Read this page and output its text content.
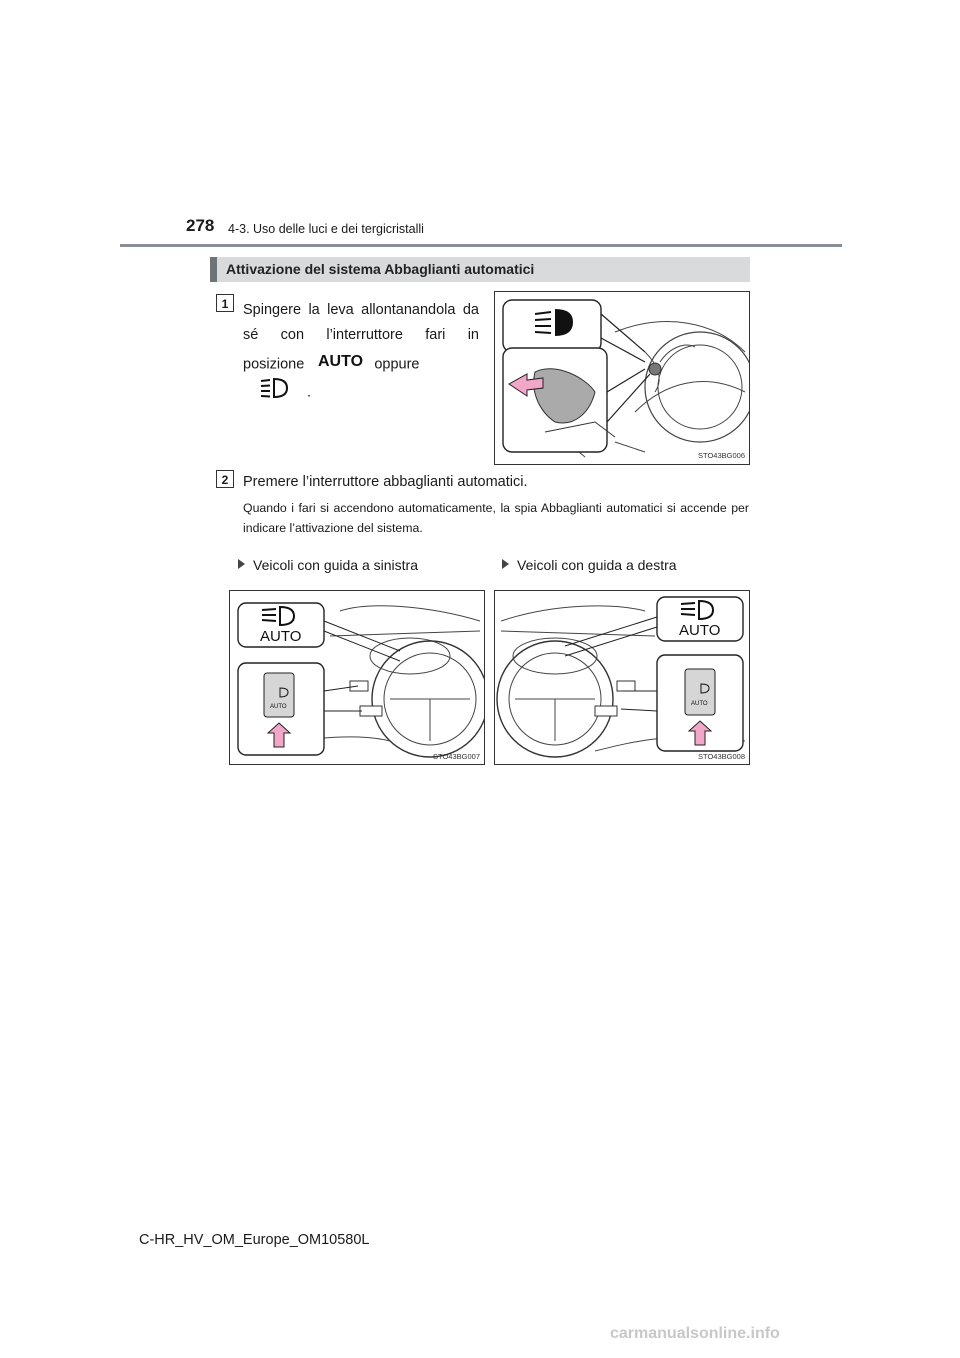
278 4-3. Uso delle luci e dei tergicristalli
Attivazione del sistema Abbaglianti automatici
1	Spingere la leva allontanandola da
sé con l’interruttore fari in
posizione AUTO oppure  .
STO43BG006
2	Premere l’interruttore abbaglianti automatici.
Quando i fari si accendono automaticamente, la spia Abbaglianti automatici si accende per indicare l’attivazione del sistema.
Veicoli con guida a sinistra	Veicoli con guida a destra
AUTO
AUTO
STO43BG007
AUTO
AUTO
STO43BG008
C-HR_HV_OM_Europe_OM10580L
carmanualsonline.info
